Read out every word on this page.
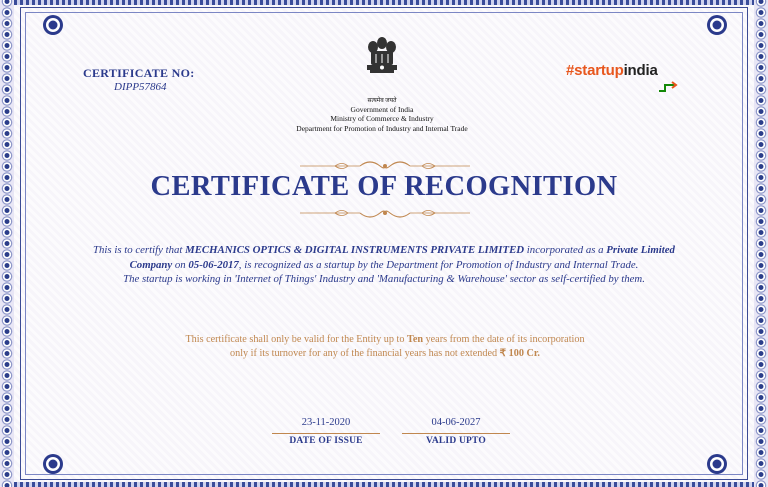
CERTIFICATE NO:
DIPP57864
सत्यमेव जयते
Government of India
Ministry of Commerce & Industry
Department for Promotion of Industry and Internal Trade
#startupindia
CERTIFICATE OF RECOGNITION
This is to certify that MECHANICS OPTICS & DIGITAL INSTRUMENTS PRIVATE LIMITED incorporated as a Private Limited Company on 05-06-2017, is recognized as a startup by the Department for Promotion of Industry and Internal Trade.
The startup is working in 'Internet of Things' Industry and 'Manufacturing & Warehouse' sector as self-certified by them.
This certificate shall only be valid for the Entity up to Ten years from the date of its incorporation
only if its turnover for any of the financial years has not extended ₹ 100 Cr.
23-11-2020
DATE OF ISSUE
04-06-2027
VALID UPTO
